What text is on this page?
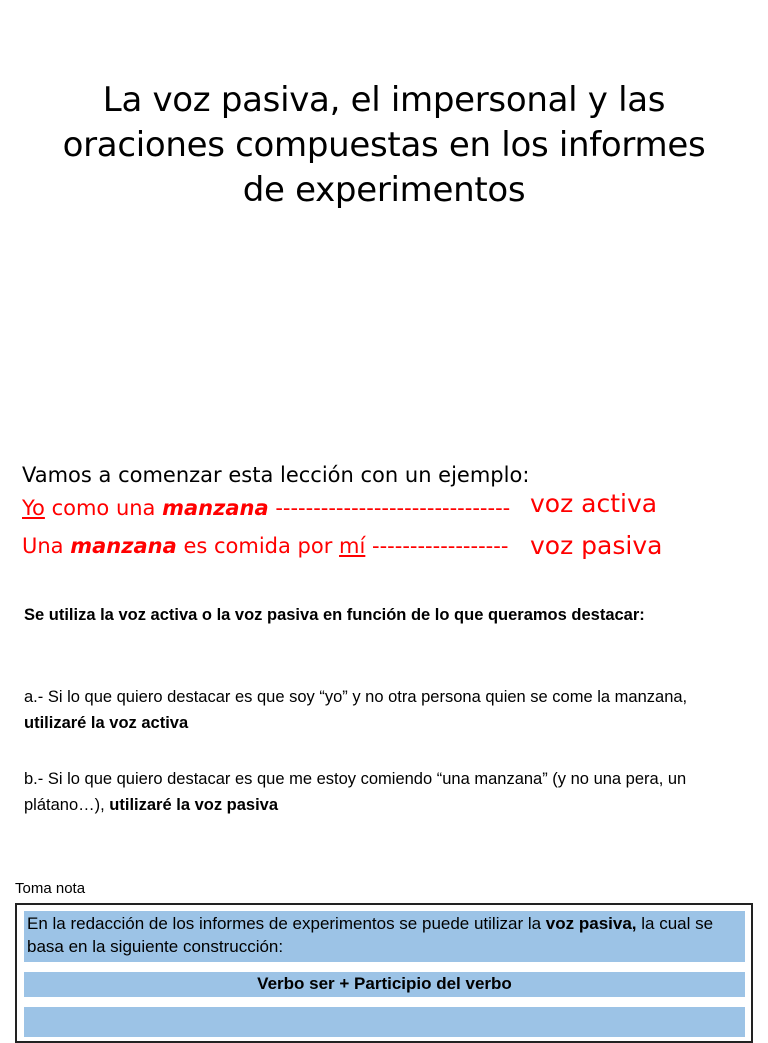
La voz pasiva, el impersonal y las oraciones compuestas en los informes de experimentos
Vamos a comenzar esta lección con un ejemplo:
Yo como una manzana ------------------------------- voz activa
Una manzana es comida por mí ------------------ voz pasiva

Se utiliza la voz activa o la voz pasiva en función de lo que queramos destacar:

a.- Si lo que quiero destacar es que soy “yo” y no otra persona quien se come la manzana, utilizaré la voz activa

b.- Si lo que quiero destacar es que me estoy comiendo “una manzana” (y no una pera, un plátano…), utilizaré la voz pasiva

Toma nota
En la redacción de los informes de experimentos se puede utilizar la voz pasiva, la cual se basa en la siguiente construcción:
Verbo ser + Participio del verbo
